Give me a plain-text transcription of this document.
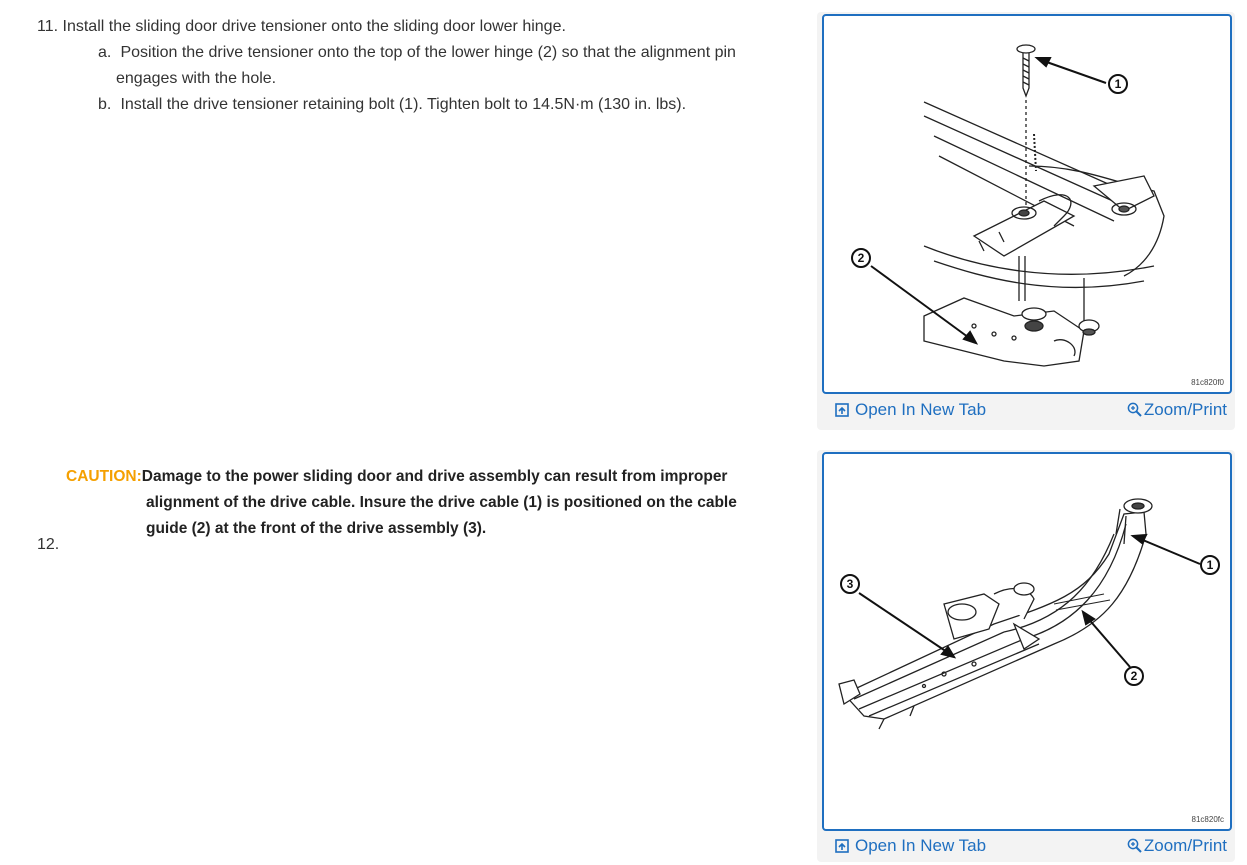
11. Install the sliding door drive tensioner onto the sliding door lower hinge.
a. Position the drive tensioner onto the top of the lower hinge (2) so that the alignment pin
engages with the hole.
b. Install the drive tensioner retaining bolt (1). Tighten bolt to 14.5N·m (130 in. lbs).
CAUTION:Damage to the power sliding door and drive assembly can result from improper
alignment of the drive cable. Insure the drive cable (1) is positioned on the cable
guide (2) at the front of the drive assembly (3).
12.
1
2
81c820f0
Open In New Tab	Zoom/Print
1
3
2
81c820fc
Open In New Tab	Zoom/Print
